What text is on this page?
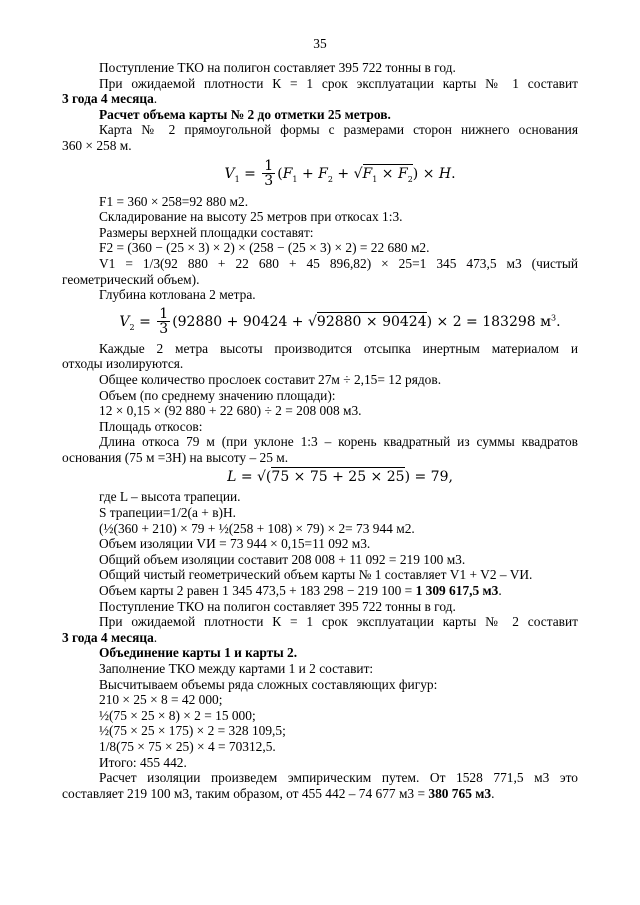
35
Поступление ТКО на полигон составляет 395 722 тонны в год.
При ожидаемой плотности К = 1 срок эксплуатации карты № 1 составит
3 года 4 месяца.
Расчет объема карты № 2 до отметки 25 метров.
Карта № 2 прямоугольной формы с размерами сторон нижнего основания
360 × 258 м.
$V_1 = \frac{1}{3} (F_1 + F_2 + √F_1 \times F_2) \times H$.
F1 = 360 × 258=92 880 м2.
Складирование на высоту 25 метров при откосах 1:3.
Размеры верхней площадки составят:
F2 = (360 − (25 × 3) × 2) × (258 − (25 × 3) × 2) = 22 680 м2.
V1 = 1/3(92 880 + 22 680 + 45 896,82) × 25=1 345 473,5 м3 (чистый
геометрический объем).
Глубина котлована 2 метра.
$V_2 = \frac{1}{3} (92880 + 90424 + √92880 \times 90424) \times 2 = 183298$ $м^3$.
Каждые 2 метра высоты производится отсыпка инертным материалом и
отходы изолируются.
Общее количество прослоек составит 27м ÷ 2,15= 12 рядов.
Объем (по среднему значению площади):
12 × 0,15 × (92 880 + 22 680) ÷ 2 = 208 008 м3.
Площадь откосов:
Длина откоса 79 м (при уклоне 1:3 – корень квадратный из суммы квадратов
основания (75 м =3Н) на высоту – 25 м.
L = √(75 × 75 + 25 × 25) = 79,
где L – высота трапеции.
S трапеции=1/2(а + в)Н.
(½(360 + 210) × 79 + ½(258 + 108) × 79) × 2= 73 944 м2.
Объем изоляции VИ = 73 944 × 0,15=11 092 м3.
Общий объем изоляции составит 208 008 + 11 092 = 219 100 м3.
Общий чистый геометрический объем карты № 1 составляет V1 + V2 – VИ.
Объем карты 2 равен 1 345 473,5 + 183 298 − 219 100 = 1 309 617,5 м3.
Поступление ТКО на полигон составляет 395 722 тонны в год.
При ожидаемой плотности К = 1 срок эксплуатации карты № 2 составит
3 года 4 месяца.
Объединение карты 1 и карты 2.
Заполнение ТКО между картами 1 и 2 составит:
Высчитываем объемы ряда сложных составляющих фигур:
210 × 25 × 8 = 42 000;
½(75 × 25 × 8) × 2 = 15 000;
½(75 × 25 × 175) × 2 = 328 109,5;
1/8(75 × 75 × 25) × 4 = 70312,5.
Итого: 455 442.
Расчет изоляции произведем эмпирическим путем. От 1528 771,5 м3 это
составляет 219 100 м3, таким образом, от 455 442 – 74 677 м3 = 380 765 м3.
